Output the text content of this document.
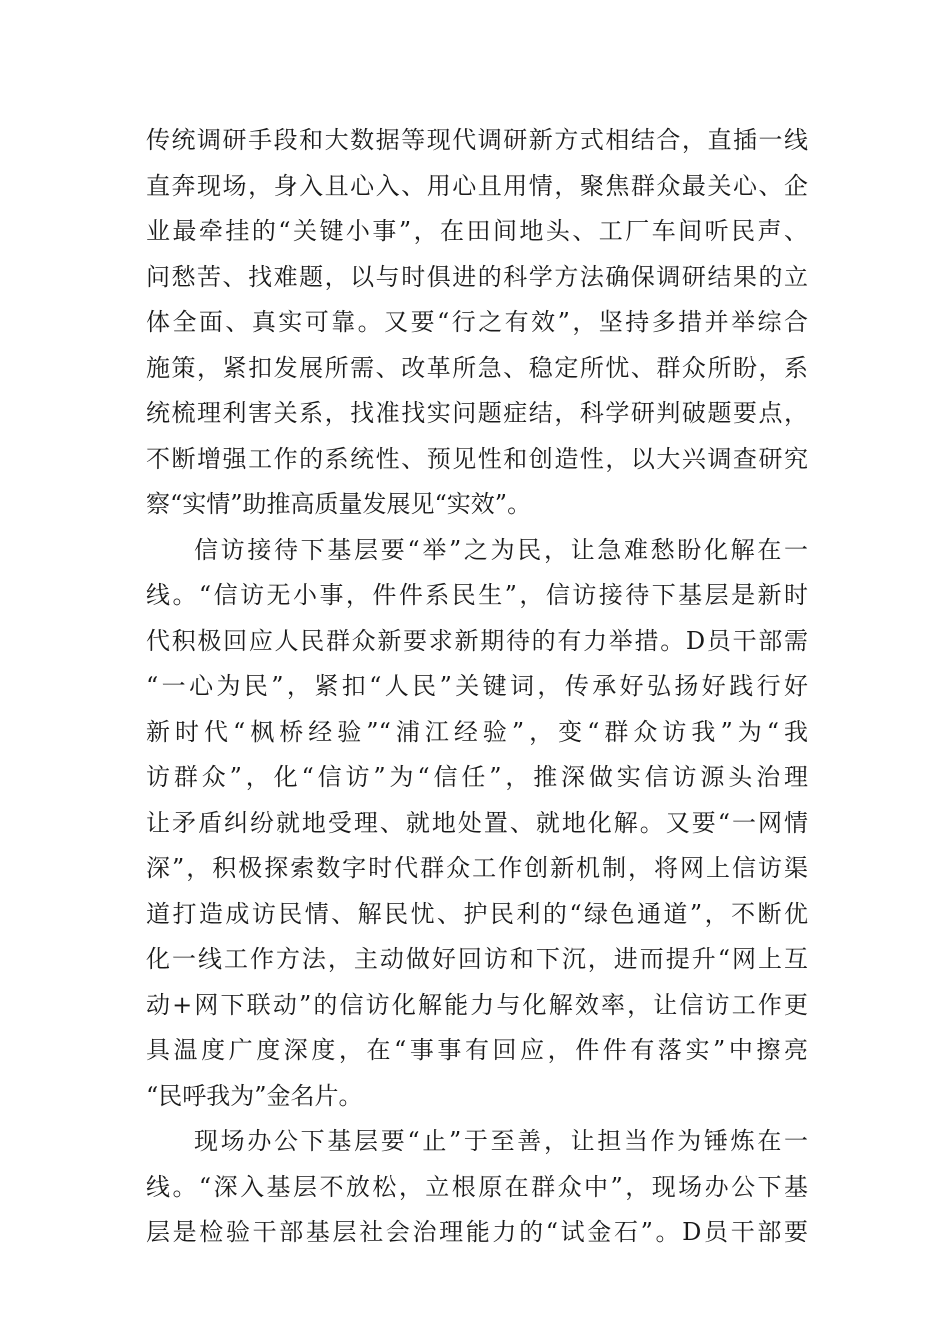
传统调研手段和大数据等现代调研新方式相结合，直插一线
直奔现场，身入且心入、用心且用情，聚焦群众最关心、企
业最牵挂的“关键小事”，在田间地头、工厂车间听民声、
问愁苦、找难题，以与时俱进的科学方法确保调研结果的立
体全面、真实可靠。又要“行之有效”，坚持多措并举综合
施策，紧扣发展所需、改革所急、稳定所忧、群众所盼，系
统梳理利害关系，找准找实问题症结，科学研判破题要点，
不断增强工作的系统性、预见性和创造性，以大兴调查研究
察“实情”助推高质量发展见“实效”。
信访接待下基层要“举”之为民，让急难愁盼化解在一
线。“信访无小事，件件系民生”，信访接待下基层是新时
代积极回应人民群众新要求新期待的有力举措。D员干部需
“一心为民”，紧扣“人民”关键词，传承好弘扬好践行好
新时代“枫桥经验”“浦江经验”，变“群众访我”为“我
访群众”，化“信访”为“信任”，推深做实信访源头治理
让矛盾纠纷就地受理、就地处置、就地化解。又要“一网情
深”，积极探索数字时代群众工作创新机制，将网上信访渠
道打造成访民情、解民忧、护民利的“绿色通道”，不断优
化一线工作方法，主动做好回访和下沉，进而提升“网上互
动+网下联动”的信访化解能力与化解效率，让信访工作更
具温度广度深度，在“事事有回应，件件有落实”中擦亮
“民呼我为”金名片。
现场办公下基层要“止”于至善，让担当作为锤炼在一
线。“深入基层不放松，立根原在群众中”，现场办公下基
层是检验干部基层社会治理能力的“试金石”。D员干部要
